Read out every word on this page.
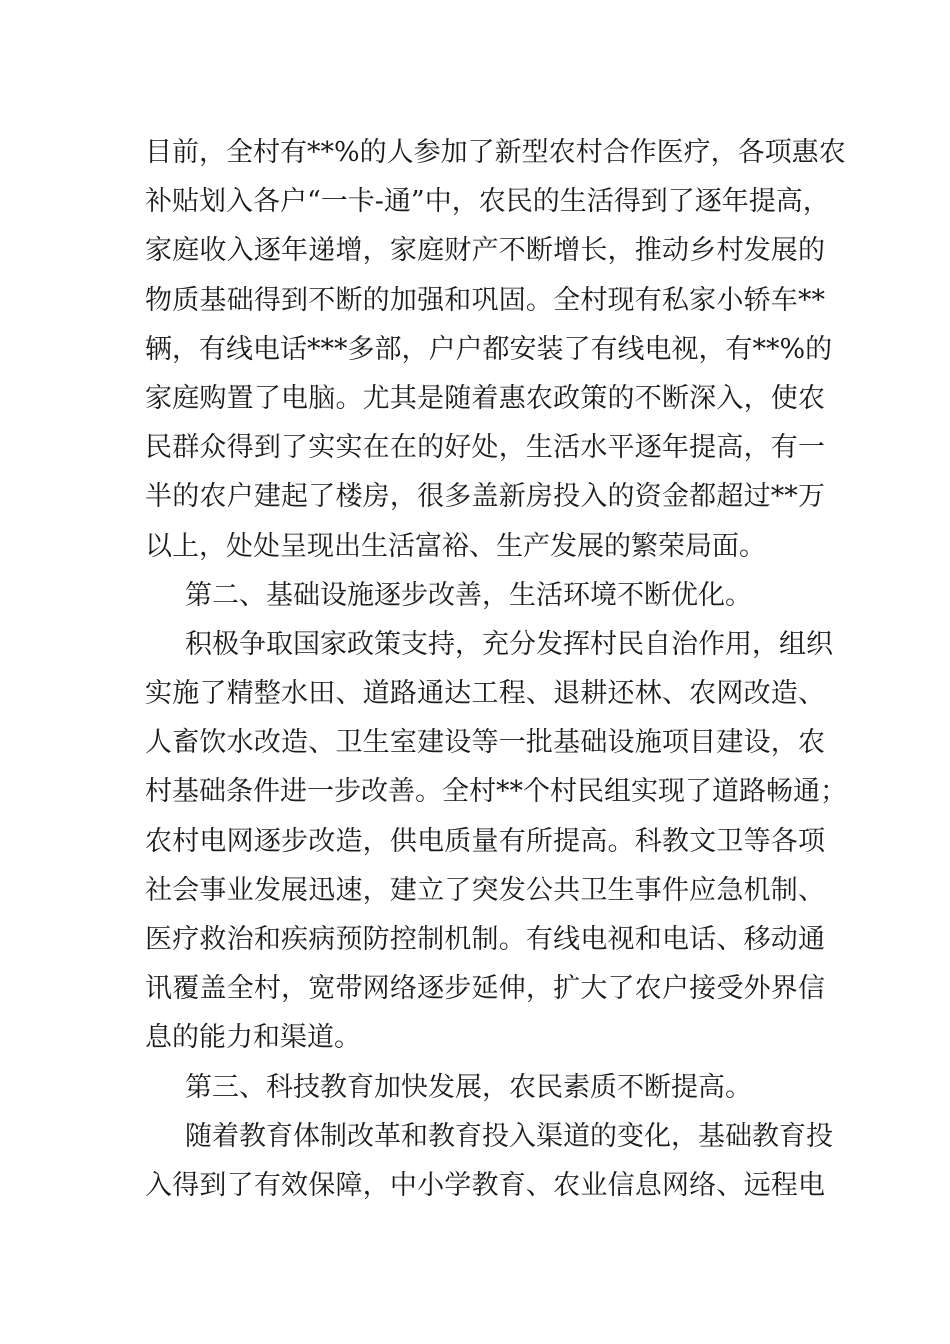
目前，全村有**%的人参加了新型农村合作医疗，各项惠农
补贴划入各户“一卡-通”中，农民的生活得到了逐年提高，
家庭收入逐年递增，家庭财产不断增长，推动乡村发展的
物质基础得到不断的加强和巩固。全村现有私家小轿车**
辆，有线电话***多部，户户都安装了有线电视，有**%的
家庭购置了电脑。尤其是随着惠农政策的不断深入，使农
民群众得到了实实在在的好处，生活水平逐年提高，有一
半的农户建起了楼房，很多盖新房投入的资金都超过**万
以上，处处呈现出生活富裕、生产发展的繁荣局面。
第二、基础设施逐步改善，生活环境不断优化。
积极争取国家政策支持，充分发挥村民自治作用，组织
实施了精整水田、道路通达工程、退耕还林、农网改造、
人畜饮水改造、卫生室建设等一批基础设施项目建设，农
村基础条件进一步改善。全村**个村民组实现了道路畅通；
农村电网逐步改造，供电质量有所提高。科教文卫等各项
社会事业发展迅速，建立了突发公共卫生事件应急机制、
医疗救治和疾病预防控制机制。有线电视和电话、移动通
讯覆盖全村，宽带网络逐步延伸，扩大了农户接受外界信
息的能力和渠道。
第三、科技教育加快发展，农民素质不断提高。
随着教育体制改革和教育投入渠道的变化，基础教育投
入得到了有效保障，中小学教育、农业信息网络、远程电
